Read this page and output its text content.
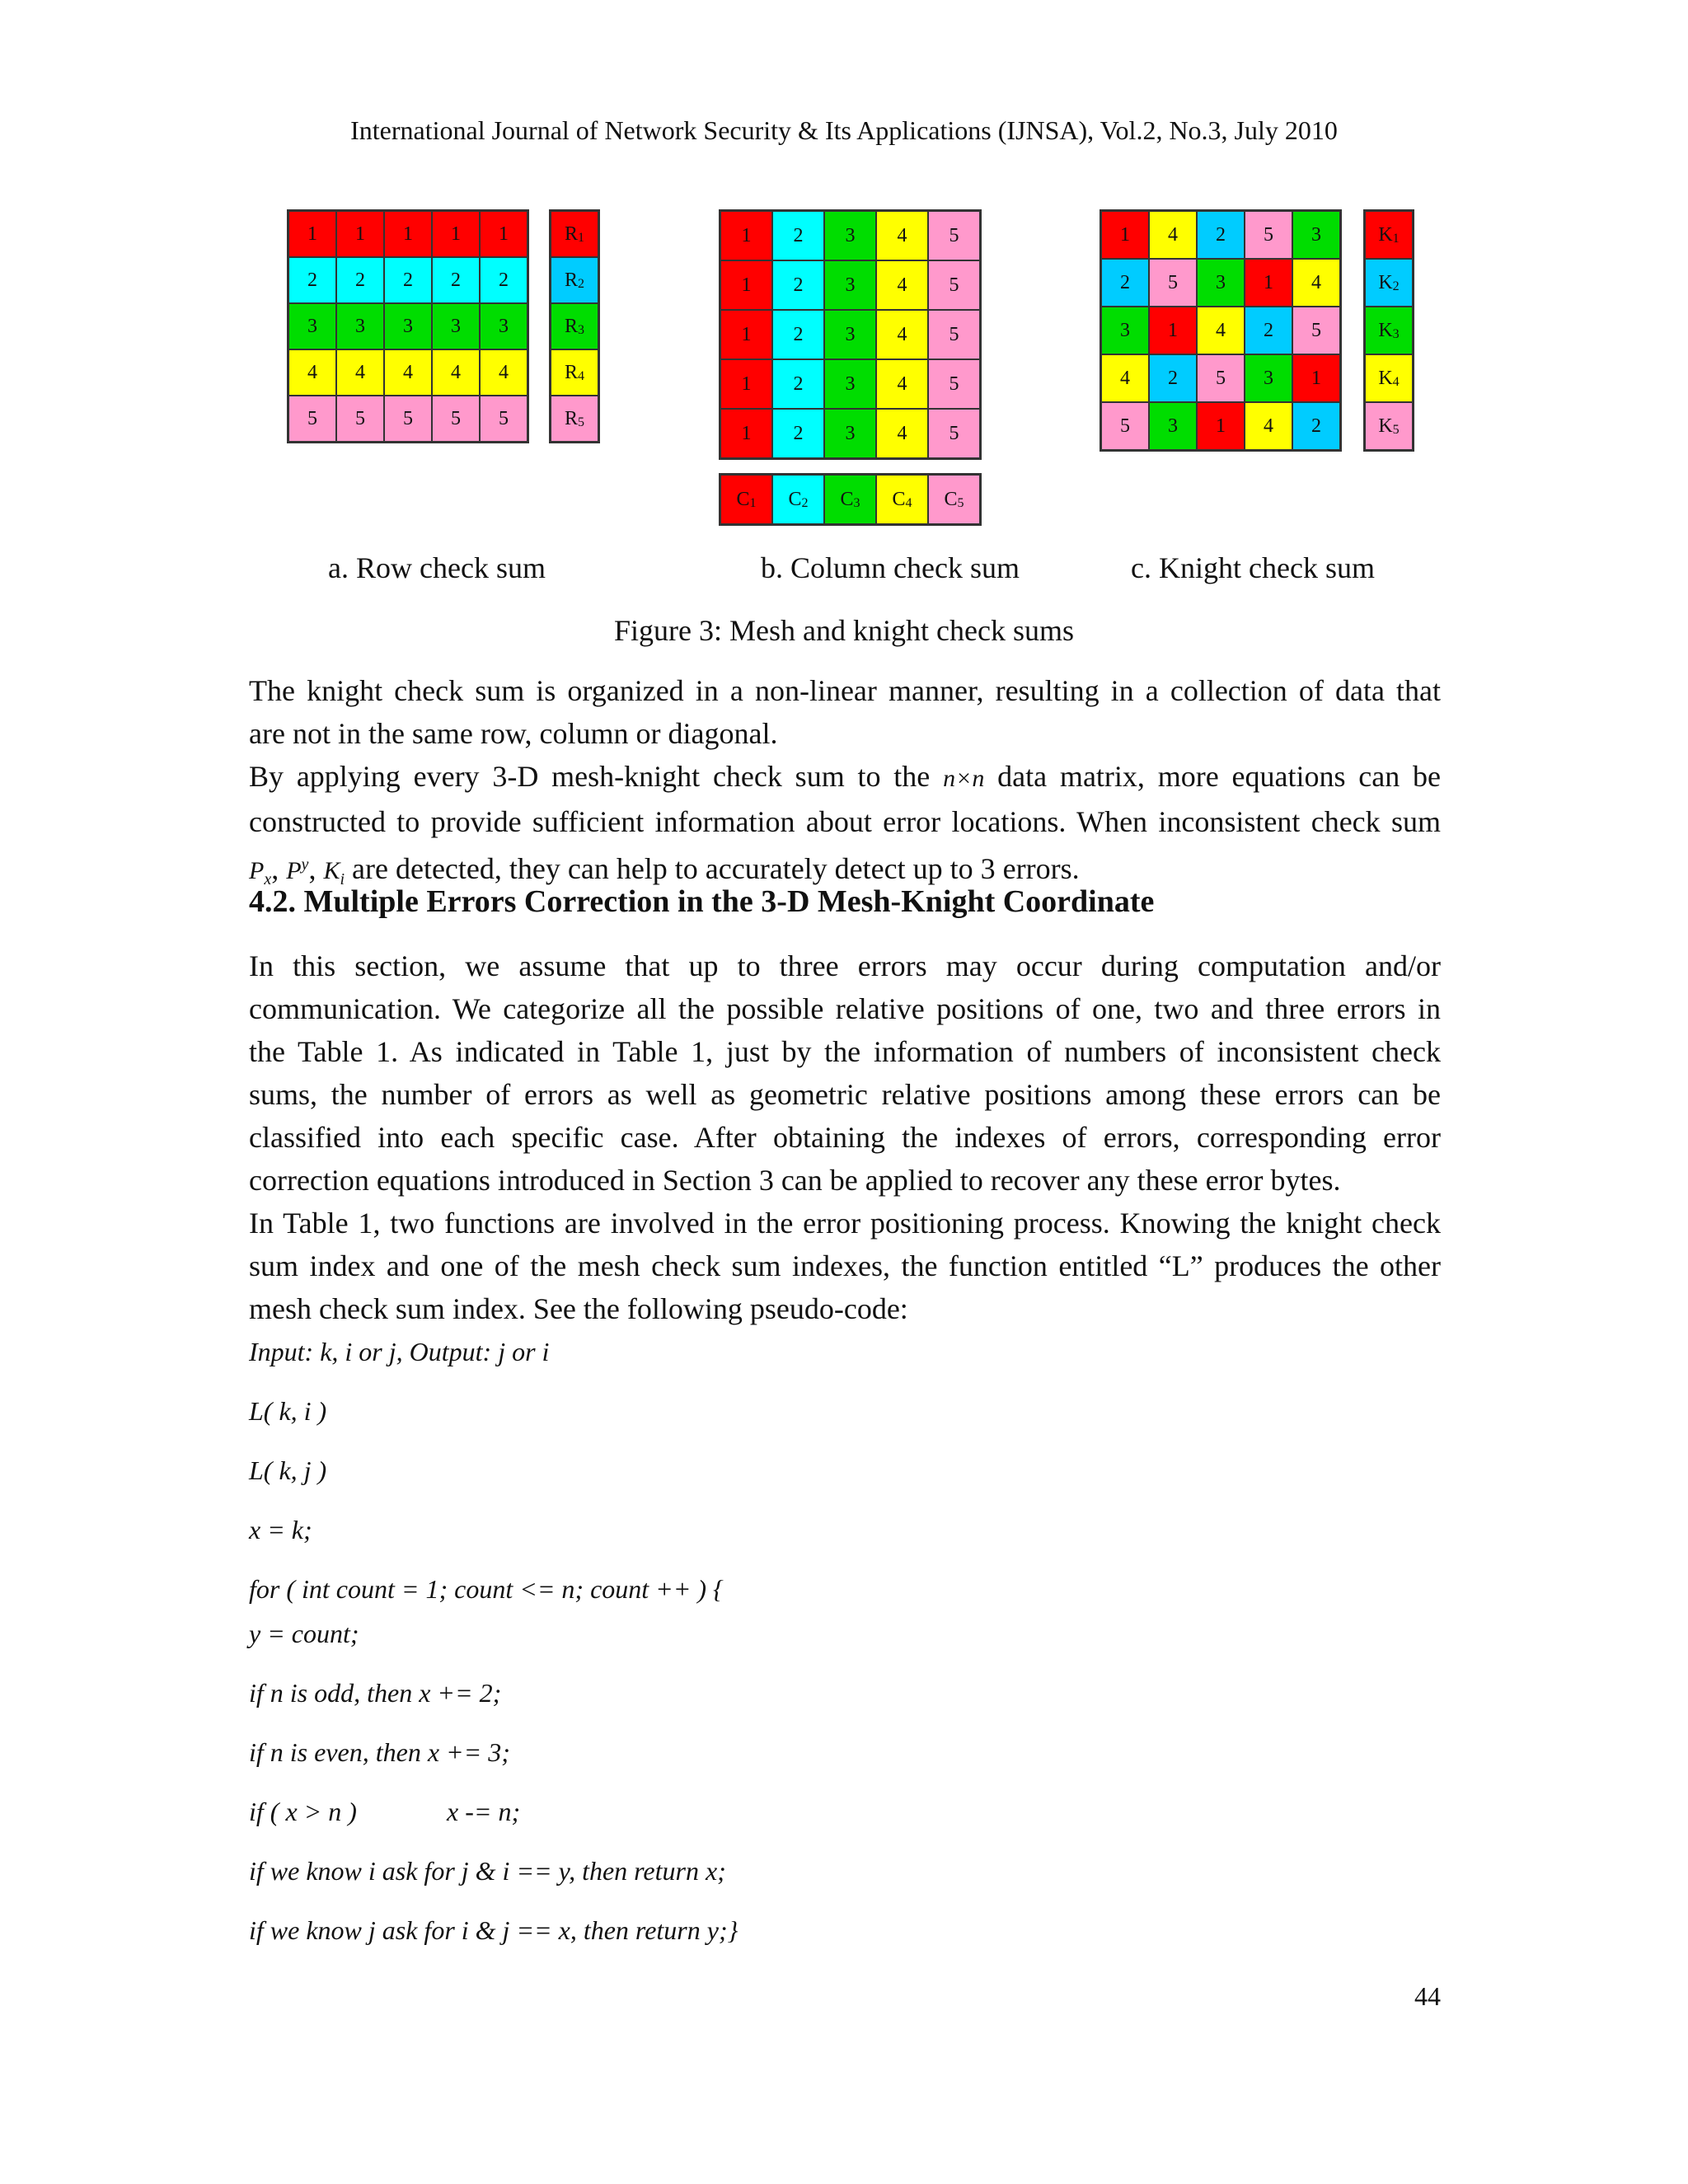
International Journal of Network Security & Its Applications (IJNSA), Vol.2, No.3, July 2010
1	1	1	1	1
2	2	2	2	2
3	3	3	3	3
4	4	4	4	4
5	5	5	5	5
$R_1$
$R_2$
$R_3$
$R_4$
$R_5$
1	2	3	4	5
1	2	3	4	5
1	2	3	4	5
1	2	3	4	5
1	2	3	4	5
$C_1$ $C_2$ $C_3$ $C_4$ $C_5$
1	4	2	5	3
2	5	3	1	4
3	1	4	2	5
4	2	5	3	1
5	3	1	4	2
$K_1$
$K_2$
$K_3$
$K_4$
$K_5$
a. Row check sum	b. Column check sum	c. Knight check sum
Figure 3: Mesh and knight check sums
The knight check sum is organized in a non-linear manner, resulting in a collection of data that
are not in the same row, column or diagonal.
By applying every 3-D mesh-knight check sum to the n×n data matrix, more equations can be
constructed to provide sufficient information about error locations. When inconsistent check sum
$P_x$, $P^y$, $K_i$ are detected, they can help to accurately detect up to 3 errors.
4.2. Multiple Errors Correction in the 3-D Mesh-Knight Coordinate
In this section, we assume that up to three errors may occur during computation and/or
communication. We categorize all the possible relative positions of one, two and three errors in
the Table 1. As indicated in Table 1, just by the information of numbers of inconsistent check
sums, the number of errors as well as geometric relative positions among these errors can be
classified into each specific case. After obtaining the indexes of errors, corresponding error
correction equations introduced in Section 3 can be applied to recover any these error bytes.
In Table 1, two functions are involved in the error positioning process. Knowing the knight check
sum index and one of the mesh check sum indexes, the function entitled “L” produces the other
mesh check sum index. See the following pseudo-code:
Input: k, i or j, Output: j or i
L( k, i )
L( k, j )
x = k;
for ( int count = 1; count <= n; count ++ ) {
y = count;
if n is odd, then x += 2;
if n is even, then x += 3;
if ( x > n )	x -= n;
if we know i ask for j & i == y, then return x;
if we know j ask for i & j == x, then return y;}
44
